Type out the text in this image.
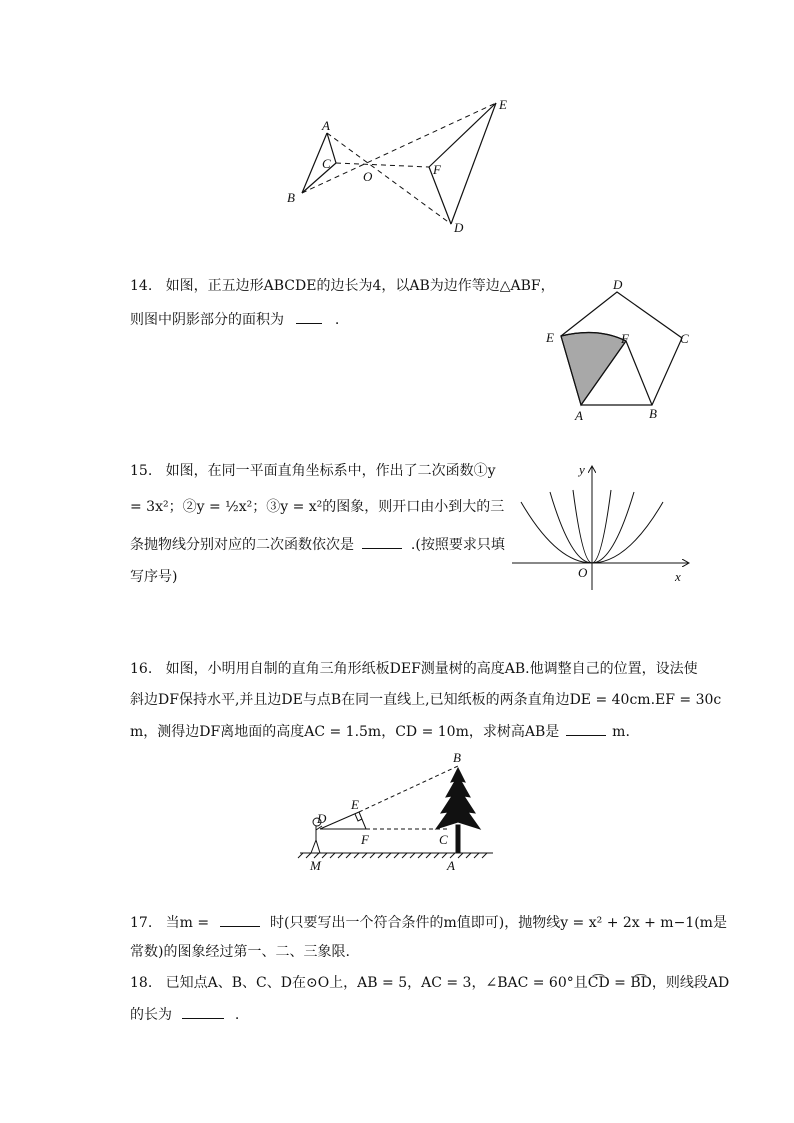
A
B
C
O
E
F
D
14. 如图，正五边形ABCDE的边长为4，以AB为边作等边△ABF，
则图中阴影部分的面积为	.
D
E	F	C
A	B
15. 如图，在同一平面直角坐标系中，作出了二次函数①y
= 3x²；②y = ½x²；③y = x²的图象，则开口由小到大的三
条抛物线分别对应的二次函数依次是	.(按照要求只填
写序号)
y
x
O
16. 如图，小明用自制的直角三角形纸板DEF测量树的高度AB.他调整自己的位置，设法使
斜边DF保持水平,并且边DE与点B在同一直线上,已知纸板的两条直角边DE = 40cm.EF = 30c
m，测得边DF离地面的高度AC = 1.5m，CD = 10m，求树高AB是	m.
B
E
D
F	C
M	A
17. 当m =	时(只要写出一个符合条件的m值即可)，抛物线y = x² + 2x + m−1(m是
常数)的图象经过第一、二、三象限.
18. 已知点A、B、C、D在⊙O上，AB = 5，AC = 3，∠BAC = 60°且C͡D = B͡D，则线段AD
的长为	.
